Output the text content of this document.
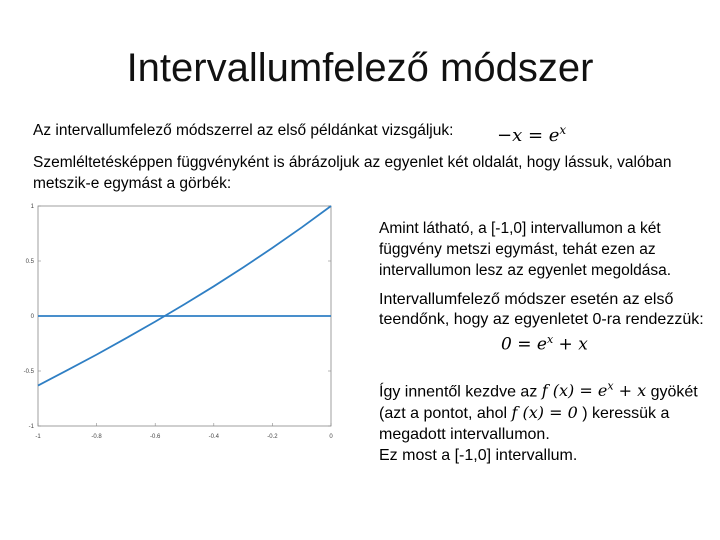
Intervallumfelező módszer
Az intervallumfelező módszerrel az első példánkat vizsgáljuk: $-x = e^x$
Szemléltetésképpen függvényként is ábrázoljuk az egyenlet két oldalát, hogy lássuk, valóban metszik-e egymást a görbék:
-1	-0.8	-0.6	-0.4	-0.2	0
1
0.5
0
-0.5
-1
Amint látható, a [-1,0] intervallumon a két függvény metszi egymást, tehát ezen az intervallumon lesz az egyenlet megoldása.
Intervallumfelező módszer esetén az első teendőnk, hogy az egyenletet 0-ra rendezzük:
$0 = e^x + x$
Így innentől kezdve az f $(x) = e^x + x$ gyökét (azt a pontot, ahol f (x) = 0 ) keressük a megadott intervallumon.
Ez most a [-1,0] intervallum.
